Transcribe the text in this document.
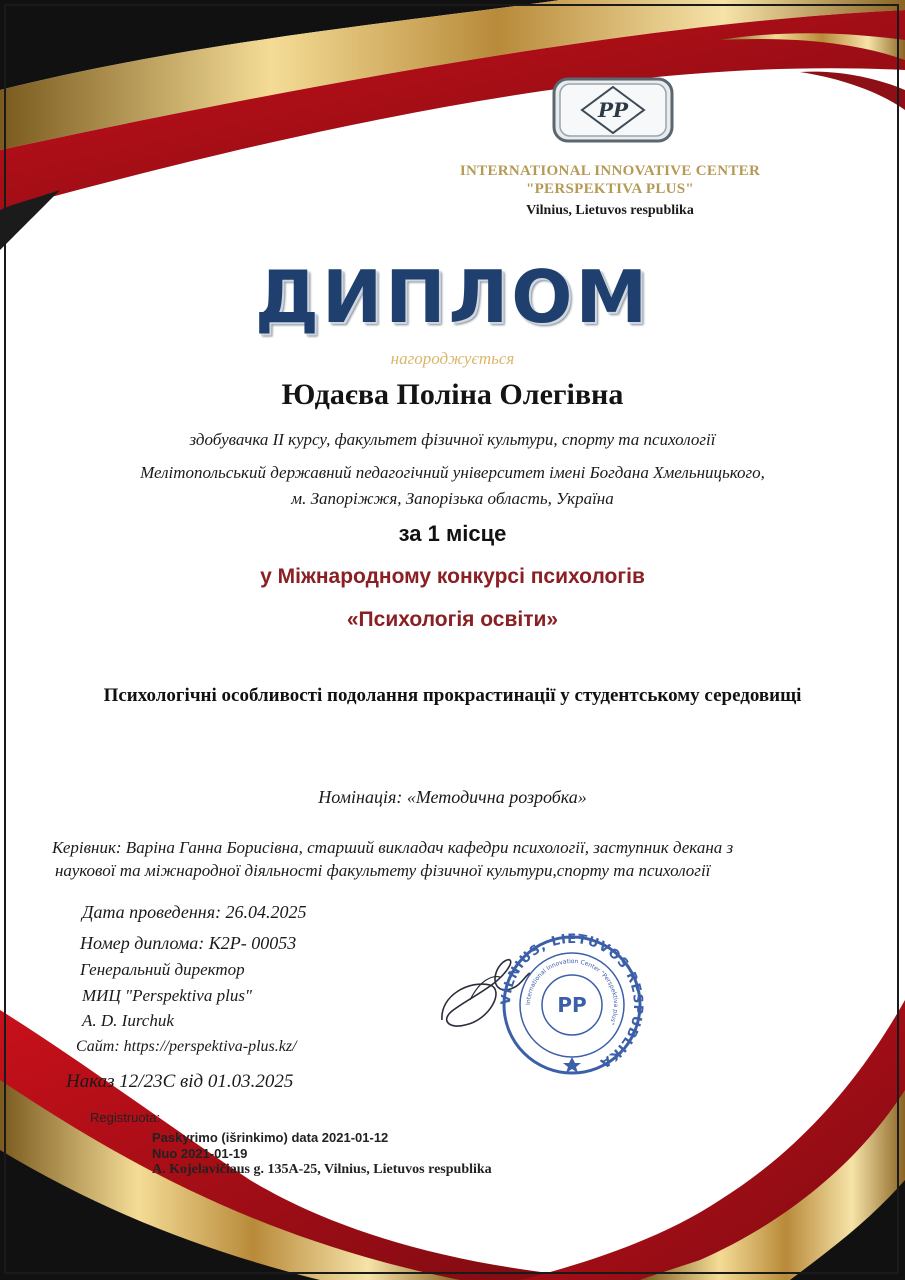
PP
INTERNATIONAL INNOVATIVE CENTER
"PERSPEKTIVA PLUS"
Vilnius, Lietuvos respublika
ДИПЛОМ
нагороджується
Юдаєва Поліна Олегівна
здобувачка ІІ курсу, факультет фізичної культури, спорту та психології
Мелітопольський державний педагогічний університет імені Богдана Хмельницького,
м. Запоріжжя, Запорізька область, Україна
за 1 місце
у Міжнародному конкурсі психологів
«Психологія освіти»
Психологічні особливості подолання прокрастинації у студентському середовищі
Номінація: «Методична розробка»
Керівник: Варіна Ганна Борисівна, старший викладач кафедри психології, заступник декана з
наукової та міжнародної діяльності факультету фізичної культури,спорту та психології
Дата проведення: 26.04.2025
Номер диплома: К2Р- 00053
Генеральний директор
МИЦ "Perspektiva plus"
A. D. Iurchuk
Сайт: https://perspektiva-plus.kz/
Наказ 12/23С від 01.03.2025
Registruota:
Paskyrimo (išrinkimo) data 2021-01-12
Nuo 2021-01-19
A. Kojelavičiaus g. 135A-25, Vilnius, Lietuvos respublika
VILNIUS, LIETUVOS RESPUBLIKA
International Innovation Center "Perspektiva plus"
PP
